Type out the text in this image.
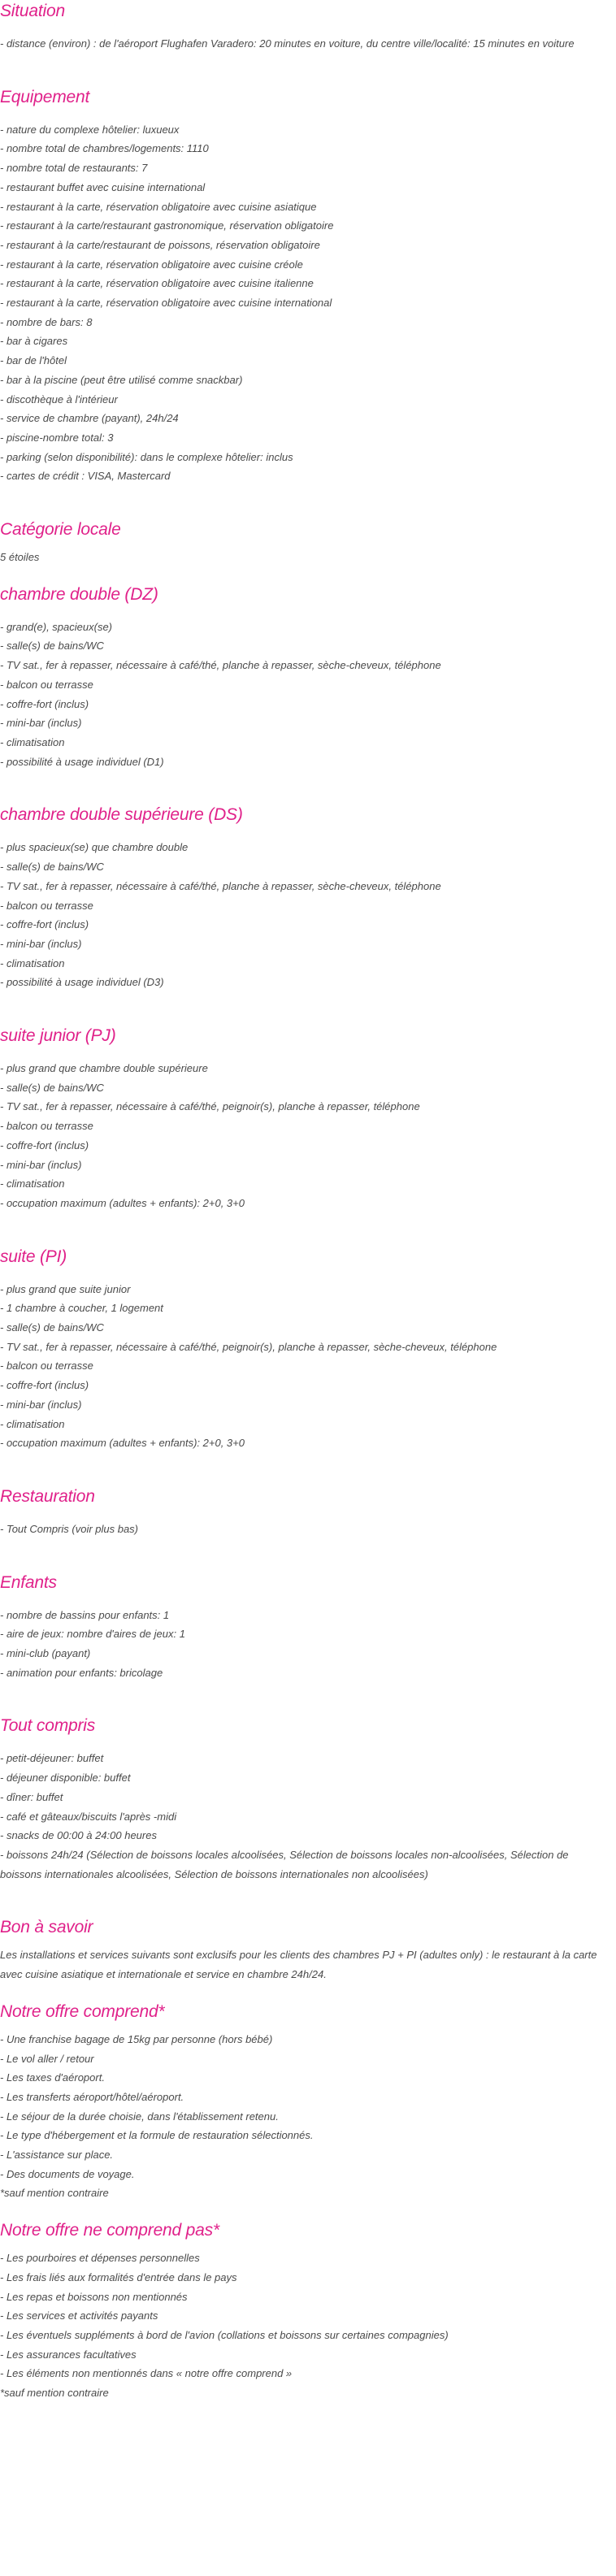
Situation
- distance (environ) : de l'aéroport Flughafen Varadero: 20 minutes en voiture, du centre ville/localité: 15 minutes en voiture
Equipement
- nature du complexe hôtelier: luxueux
- nombre total de chambres/logements: 1110
- nombre total de restaurants: 7
- restaurant buffet avec cuisine international
- restaurant à la carte, réservation obligatoire avec cuisine asiatique
- restaurant à la carte/restaurant gastronomique, réservation obligatoire
- restaurant à la carte/restaurant de poissons, réservation obligatoire
- restaurant à la carte, réservation obligatoire avec cuisine créole
- restaurant à la carte, réservation obligatoire avec cuisine italienne
- restaurant à la carte, réservation obligatoire avec cuisine international
- nombre de bars: 8
- bar à cigares
- bar de l'hôtel
- bar à la piscine (peut être utilisé comme snackbar)
- discothèque à l'intérieur
- service de chambre (payant), 24h/24
- piscine-nombre total: 3
- parking (selon disponibilité): dans le complexe hôtelier: inclus
- cartes de crédit : VISA, Mastercard
Catégorie locale
5 étoiles
chambre double (DZ)
- grand(e), spacieux(se)
- salle(s) de bains/WC
- TV sat., fer à repasser, nécessaire à café/thé, planche à repasser, sèche-cheveux, téléphone
- balcon ou terrasse
- coffre-fort (inclus)
- mini-bar (inclus)
- climatisation
- possibilité à usage individuel (D1)
chambre double supérieure (DS)
- plus spacieux(se) que chambre double
- salle(s) de bains/WC
- TV sat., fer à repasser, nécessaire à café/thé, planche à repasser, sèche-cheveux, téléphone
- balcon ou terrasse
- coffre-fort (inclus)
- mini-bar (inclus)
- climatisation
- possibilité à usage individuel (D3)
suite junior (PJ)
- plus grand que chambre double supérieure
- salle(s) de bains/WC
- TV sat., fer à repasser, nécessaire à café/thé, peignoir(s), planche à repasser, téléphone
- balcon ou terrasse
- coffre-fort (inclus)
- mini-bar (inclus)
- climatisation
- occupation maximum (adultes + enfants): 2+0, 3+0
suite (PI)
- plus grand que suite junior
- 1 chambre à coucher, 1 logement
- salle(s) de bains/WC
- TV sat., fer à repasser, nécessaire à café/thé, peignoir(s), planche à repasser, sèche-cheveux, téléphone
- balcon ou terrasse
- coffre-fort (inclus)
- mini-bar (inclus)
- climatisation
- occupation maximum (adultes + enfants): 2+0, 3+0
Restauration
- Tout Compris (voir plus bas)
Enfants
- nombre de bassins pour enfants: 1
- aire de jeux: nombre d'aires de jeux: 1
- mini-club (payant)
- animation pour enfants: bricolage
Tout compris
- petit-déjeuner: buffet
- déjeuner disponible: buffet
- dîner: buffet
- café et gâteaux/biscuits l'après -midi
- snacks de 00:00 à 24:00 heures
- boissons 24h/24 (Sélection de boissons locales alcoolisées, Sélection de boissons locales non-alcoolisées, Sélection de boissons internationales alcoolisées, Sélection de boissons internationales non alcoolisées)
Bon à savoir
Les installations et services suivants sont exclusifs pour les clients des chambres PJ + PI (adultes only) : le restaurant à la carte avec cuisine asiatique et internationale et service en chambre 24h/24.
Notre offre comprend*
- Une franchise bagage de 15kg par personne (hors bébé)
- Le vol aller / retour
- Les taxes d'aéroport.
- Les transferts aéroport/hôtel/aéroport.
- Le séjour de la durée choisie, dans l'établissement retenu.
- Le type d'hébergement et la formule de restauration sélectionnés.
- L'assistance sur place.
- Des documents de voyage.
*sauf mention contraire
Notre offre ne comprend pas*
- Les pourboires et dépenses personnelles
- Les frais liés aux formalités d'entrée dans le pays
- Les repas et boissons non mentionnés
- Les services et activités payants
- Les éventuels suppléments à bord de l'avion (collations et boissons sur certaines compagnies)
- Les assurances facultatives
- Les éléments non mentionnés dans « notre offre comprend »
*sauf mention contraire
